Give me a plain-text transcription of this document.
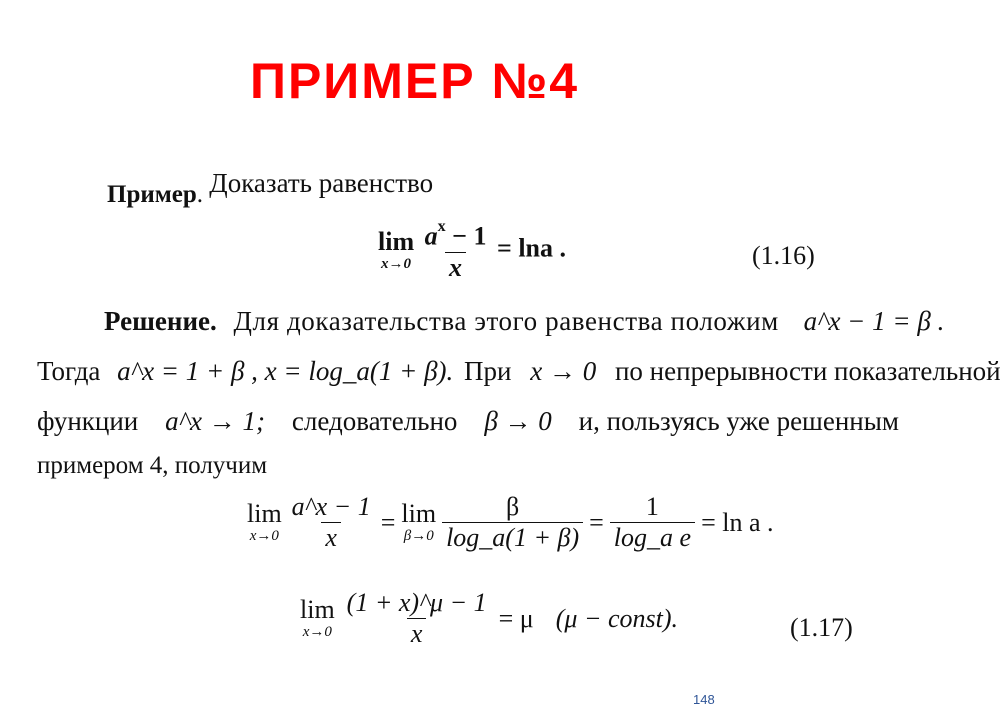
ПРИМЕР №4
Пример. Доказать равенство
lim
x→0
$\frac{a^x - 1}{x} = \ln a$ .	(1.16)
Решение. Для доказательства этого равенства положим a^x − 1 = β .
Тогда a^x = 1 + β , x = log_a(1 + β). При x → 0 по непрерывности показательной
функции a^x → 1; следовательно β → 0 и, пользуясь уже решенным
примером 4, получим
lim
$x\to 0 \frac{a\^{}x - 1}{x} = \lim$
$\beta\to 0 \frac{\beta}{\log\_a(1 + \beta)} = \frac{1}{\text{log\_a e}} = \ln a$ .
lim
$x\to 0 \frac{(1 + x)\^{}\mu - 1}{x} = \mu$ (μ − const).	(1.17)
148
